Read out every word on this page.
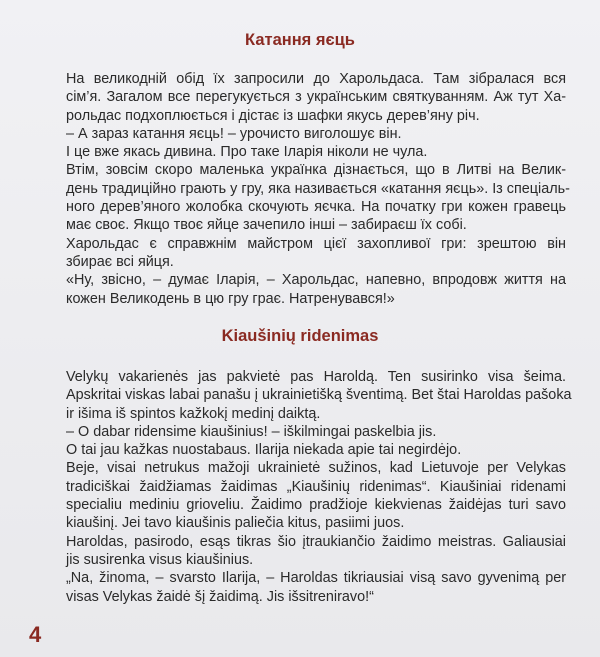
Катання яєць
На великодній обід їх запросили до Харольдаса. Там зібралася вся
сім’я. Загалом все перегукується з українським святкуванням. Аж тут Ха-
рольдас подхоплюється і дістає із шафки якусь дерев’яну річ.
– А зараз катання яєць! – урочисто виголошує він.
І це вже якась дивина. Про таке Іларія ніколи не чула.
Втім, зовсім скоро маленька українка дізнається, що в Литві на Велик-
день традиційно грають у гру, яка називається «катання яєць». Із спеціаль-
ного дерев’яного жолобка скочують яєчка. На початку гри кожен гравець
має своє. Якщо твоє яйце зачепило інші – забираєш їх собі.
Харольдас є справжнім майстром цієї захопливої гри: зрештою він
збирає всі яйця.
«Ну, звісно, – думає Іларія, – Харольдас, напевно, впродовж життя на
кожен Великодень в цю гру грає. Натренувався!»
Kiaušinių ridenimas
Velykų vakarienės jas pakvietė pas Haroldą. Ten susirinko visa šeima.
Apskritai viskas labai panašu į ukrainietišką šventimą. Bet štai Haroldas pašoka
ir išima iš spintos kažkokį medinį daiktą.
– O dabar ridensime kiaušinius! – iškilmingai paskelbia jis.
O tai jau kažkas nuostabaus. Ilarija niekada apie tai negirdėjo.
Beje, visai netrukus mažoji ukrainietė sužinos, kad Lietuvoje per Velykas
tradiciškai žaidžiamas žaidimas „Kiaušinių ridenimas“. Kiaušiniai ridenami
specialiu mediniu grioveliu. Žaidimo pradžioje kiekvienas žaidėjas turi savo
kiaušinį. Jei tavo kiaušinis paliečia kitus, pasiimi juos.
Haroldas, pasirodo, esąs tikras šio įtraukiančio žaidimo meistras. Galiausiai
jis susirenka visus kiaušinius.
„Na, žinoma, – svarsto Ilarija, – Haroldas tikriausiai visą savo gyvenimą per
visas Velykas žaidė šį žaidimą. Jis išsitreniravo!“
4
